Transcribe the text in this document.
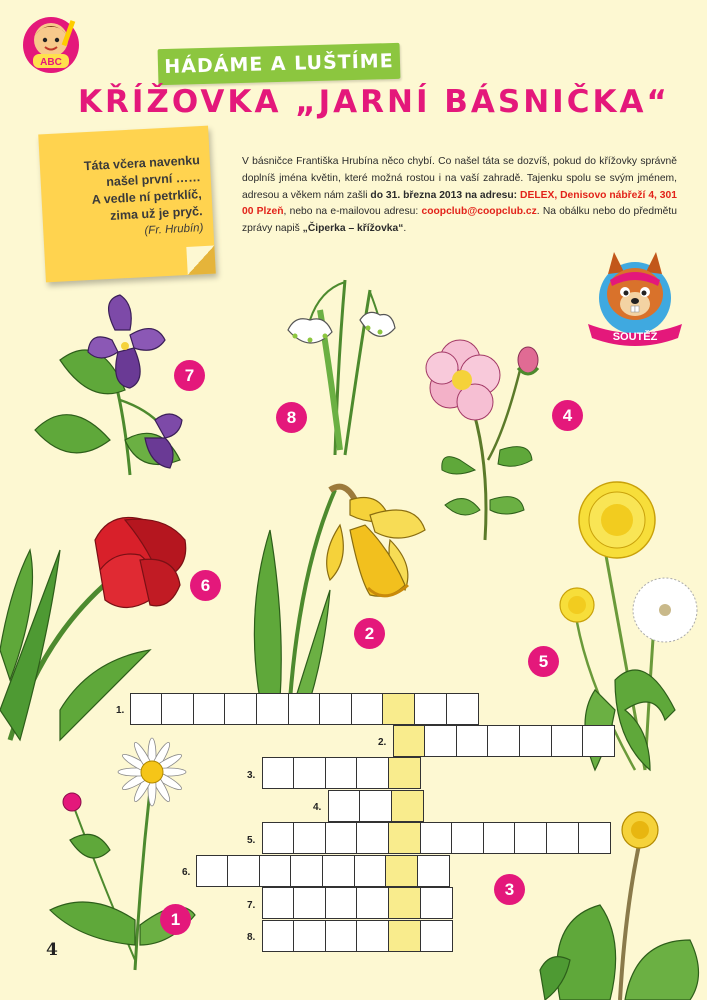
ABC	HÁDÁME A LUŠTÍME
KŘÍŽOVKA „JARNÍ BÁSNIČKA“
Táta včera navenku
našel první ……
A vedle ní petrklíč,
zima už je pryč.
(Fr. Hrubín)
V básničce Františka Hrubína něco chybí. Co našel táta se dozvíš, pokud do křížovky správně doplníš jména květin, které možná rostou i na vaší zahradě. Tajenku spolu se svým jménem, adresou a věkem nám zašli do 31. března 2013 na adresu: DELEX, Denisovo nábřeží 4, 301 00 Plzeň, nebo na e-mailovou adresu: coopclub@coopclub.cz. Na obálku nebo do předmětu zprávy napiš „Čiperka – křížovka“.
SOUTĚŽ
7
8	4
6
2
5
3
1
1.
2.
3.
4.
5.
6.
7.
8.
4
